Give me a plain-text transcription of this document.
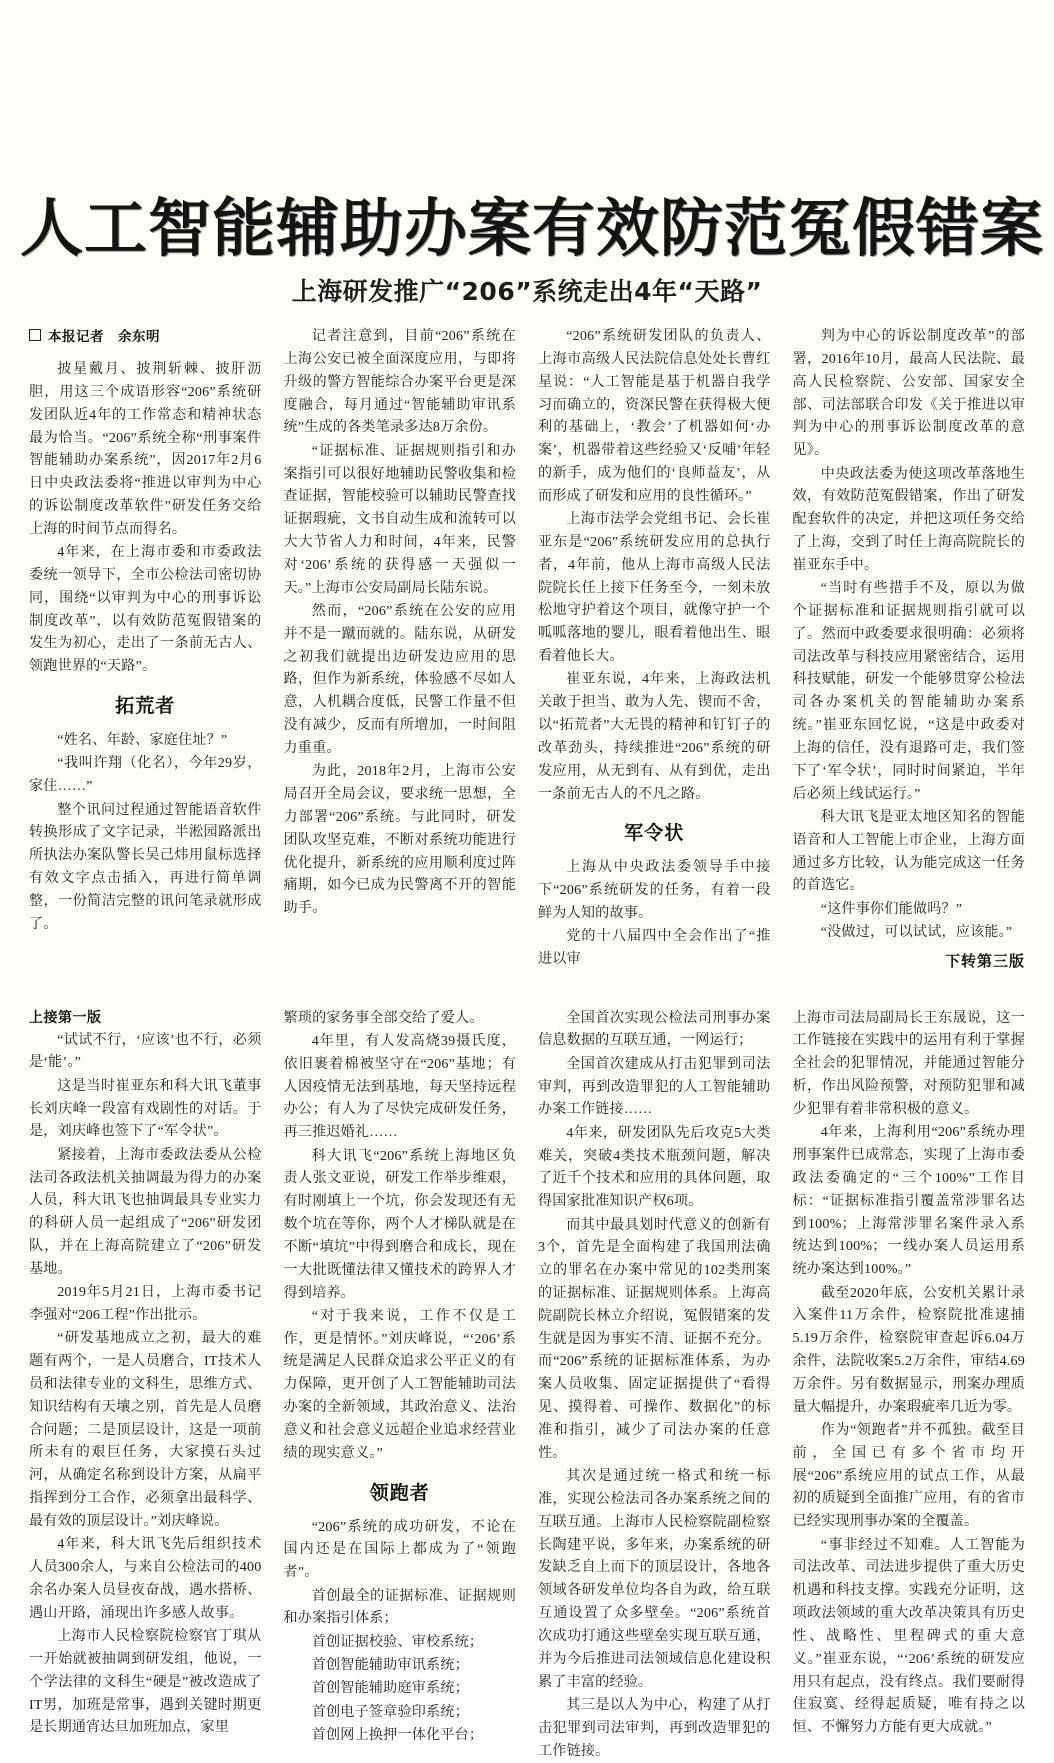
人工智能辅助办案有效防范冤假错案
上海研发推广“206”系统走出4年“天路”
本报记者　余东明

披星戴月、披荆斩棘、披肝沥胆，用这三个成语形容“206”系统研发团队近4年的工作常态和精神状态最为恰当。“206”系统全称“刑事案件智能辅助办案系统”，因2017年2月6日中央政法委将“推进以审判为中心的诉讼制度改革软件”研发任务交给上海的时间节点而得名。

4年来，在上海市委和市委政法委统一领导下，全市公检法司密切协同，围绕“以审判为中心的刑事诉讼制度改革”，以有效防范冤假错案的发生为初心，走出了一条前无古人、领跑世界的“天路”。

拓荒者

“姓名、年龄、家庭住址？”

“我叫许翔（化名），今年29岁，家住……”

整个讯问过程通过智能语音软件转换形成了文字记录，半淞园路派出所执法办案队警长吴己炜用鼠标选择有效文字点击插入，再进行简单调整，一份简洁完整的讯问笔录就形成了。

记者注意到，目前“206”系统在上海公安已被全面深度应用，与即将升级的警方智能综合办案平台更是深度融合，每月通过“智能辅助审讯系统”生成的各类笔录多达8万余份。

“证据标准、证据规则指引和办案指引可以很好地辅助民警收集和检查证据，智能校验可以辅助民警查找证据瑕疵，文书自动生成和流转可以大大节省人力和时间，4年来，民警对‘206’系统的获得感一天强似一天。”上海市公安局副局长陆东说。

然而，“206”系统在公安的应用并不是一蹴而就的。陆东说，从研发之初我们就提出边研发边应用的思路，但作为新系统，体验感不尽如人意，人机耦合度低，民警工作量不但没有减少，反而有所增加，一时间阻力重重。

为此，2018年2月，上海市公安局召开全局会议，要求统一思想，全力部署“206”系统。与此同时，研发团队攻坚克难，不断对系统功能进行优化提升，新系统的应用顺利度过阵痛期，如今已成为民警离不开的智能助手。

“206”系统研发团队的负责人、上海市高级人民法院信息处处长曹红星说：“人工智能是基于机器自我学习而确立的，资深民警在获得极大便利的基础上，‘教会’了机器如何‘办案’，机器带着这些经验又‘反哺’年轻的新手，成为他们的‘良师益友’，从而形成了研发和应用的良性循环。”

上海市法学会党组书记、会长崔亚东是“206”系统研发应用的总执行者，4年前，他从上海市高级人民法院院长任上接下任务至今，一刻未放松地守护着这个项目，就像守护一个呱呱落地的婴儿，眼看着他出生、眼看着他长大。

崔亚东说，4年来，上海政法机关敢于担当、敢为人先、锲而不舍，以“拓荒者”大无畏的精神和钉钉子的改革劲头，持续推进“206”系统的研发应用，从无到有、从有到优，走出一条前无古人的不凡之路。

军令状

上海从中央政法委领导手中接下“206”系统研发的任务，有着一段鲜为人知的故事。

党的十八届四中全会作出了“推进以审

判为中心的诉讼制度改革”的部署，2016年10月，最高人民法院、最高人民检察院、公安部、国家安全部、司法部联合印发《关于推进以审判为中心的刑事诉讼制度改革的意见》。

中央政法委为使这项改革落地生效，有效防范冤假错案，作出了研发配套软件的决定，并把这项任务交给了上海，交到了时任上海高院院长的崔亚东手中。

“当时有些措手不及，原以为做个证据标准和证据规则指引就可以了。然而中政委要求很明确：必须将司法改革与科技应用紧密结合，运用科技赋能，研发一个能够贯穿公检法司各办案机关的智能辅助办案系统。”崔亚东回忆说，“这是中政委对上海的信任，没有退路可走，我们签下了‘军令状’，同时时间紧迫，半年后必须上线试运行。”

科大讯飞是亚太地区知名的智能语音和人工智能上市企业，上海方面通过多方比较，认为能完成这一任务的首选它。

“这件事你们能做吗？”

“没做过，可以试试，应该能。”

下转第三版
上接第一版

“试试不行，‘应该’也不行，必须是‘能’。”

这是当时崔亚东和科大讯飞董事长刘庆峰一段富有戏剧性的对话。于是，刘庆峰也签下了“军令状”。

紧接着，上海市委政法委从公检法司各政法机关抽调最为得力的办案人员，科大讯飞也抽调最具专业实力的科研人员一起组成了“206”研发团队，并在上海高院建立了“206”研发基地。

2019年5月21日，上海市委书记李强对“206工程”作出批示。

“研发基地成立之初，最大的难题有两个，一是人员磨合，IT技术人员和法律专业的文科生，思维方式、知识结构有天壤之别，首先是人员磨合问题；二是顶层设计，这是一项前所未有的艰巨任务，大家摸石头过河，从确定名称到设计方案，从扁平指挥到分工合作，必须拿出最科学、最有效的顶层设计。”刘庆峰说。

4年来，科大讯飞先后组织技术人员300余人，与来自公检法司的400余名办案人员昼夜奋战，遇水搭桥、遇山开路，涌现出许多感人故事。

上海市人民检察院检察官丁琪从一开始就被抽调到研发组，他说，一个学法律的文科生“硬是”被改造成了IT男，加班是常事，遇到关键时期更是长期通宵达旦加班加点，家里

繁琐的家务事全部交给了爱人。

4年里，有人发高烧39摄氏度，依旧裹着棉被坚守在“206”基地；有人因疫情无法到基地，每天坚持远程办公；有人为了尽快完成研发任务，再三推迟婚礼……

科大讯飞“206”系统上海地区负责人张文亚说，研发工作举步维艰，有时刚填上一个坑，你会发现还有无数个坑在等你，两个人才梯队就是在不断“填坑”中得到磨合和成长，现在一大批既懂法律又懂技术的跨界人才得到培养。

“对于我来说，工作不仅是工作，更是情怀。”刘庆峰说，“‘206’系统是满足人民群众追求公平正义的有力保障，更开创了人工智能辅助司法办案的全新领域，其政治意义、法治意义和社会意义远超企业追求经营业绩的现实意义。”

领跑者

“206”系统的成功研发，不论在国内还是在国际上都成为了“领跑者”。

首创最全的证据标准、证据规则和办案指引体系；

首创证据校验、审校系统；

首创智能辅助审讯系统；

首创智能辅助庭审系统；

首创电子签章验印系统；

首创网上换押一体化平台；

全国首次实现公检法司刑事办案信息数据的互联互通，一网运行；

全国首次建成从打击犯罪到司法审判，再到改造罪犯的人工智能辅助办案工作链接……

4年来，研发团队先后攻克5大类难关，突破4类技术瓶颈问题，解决了近千个技术和应用的具体问题，取得国家批准知识产权6项。

而其中最具划时代意义的创新有3个，首先是全面构建了我国刑法确立的罪名在办案中常见的102类刑案的证据标准、证据规则体系。上海高院副院长林立介绍说，冤假错案的发生就是因为事实不清、证据不充分。而“206”系统的证据标准体系，为办案人员收集、固定证据提供了“看得见、摸得着、可操作、数据化”的标准和指引，减少了司法办案的任意性。

其次是通过统一格式和统一标准，实现公检法司各办案系统之间的互联互通。上海市人民检察院副检察长陶建平说，多年来，办案系统的研发缺乏自上而下的顶层设计，各地各领域各研发单位均各自为政，给互联互通设置了众多壁垒。“206”系统首次成功打通这些壁垒实现互联互通，并为今后推进司法领域信息化建设积累了丰富的经验。

其三是以人为中心，构建了从打击犯罪到司法审判，再到改造罪犯的工作链接。

上海市司法局副局长王东晟说，这一工作链接在实践中的运用有利于掌握全社会的犯罪情况，并能通过智能分析，作出风险预警，对预防犯罪和减少犯罪有着非常积极的意义。

4年来，上海利用“206”系统办理刑事案件已成常态，实现了上海市委政法委确定的“三个100%”工作目标：“证据标准指引覆盖常涉罪名达到100%；上海常涉罪名案件录入系统达到100%；一线办案人员运用系统办案达到100%。”

截至2020年底，公安机关累计录入案件11万余件，检察院批准逮捕5.19万余件，检察院审查起诉6.04万余件，法院收案5.2万余件，审结4.69万余件。另有数据显示，刑案办理质量大幅提升，办案瑕疵率几近为零。

作为“领跑者”并不孤独。截至目前，全国已有多个省市均开展“206”系统应用的试点工作，从最初的质疑到全面推广应用，有的省市已经实现刑事办案的全覆盖。

“事非经过不知难。人工智能为司法改革、司法进步提供了重大历史机遇和科技支撑。实践充分证明，这项政法领域的重大改革决策具有历史性、战略性、里程碑式的重大意义。”崔亚东说，“‘206’系统的研发应用只有起点，没有终点。我们要耐得住寂寞、经得起质疑，唯有持之以恒、不懈努力方能有更大成就。”
